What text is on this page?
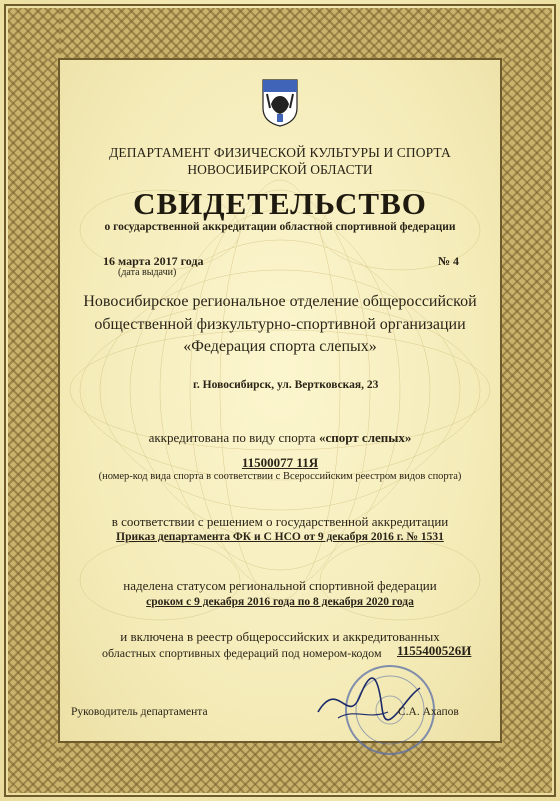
ДЕПАРТАМЕНТ ФИЗИЧЕСКОЙ КУЛЬТУРЫ И СПОРТА
НОВОСИБИРСКОЙ ОБЛАСТИ
СВИДЕТЕЛЬСТВО
о государственной аккредитации областной спортивной федерации
16 марта 2017 года
(дата выдачи)
№ 4
Новосибирское региональное отделение общероссийской
общественной физкультурно-спортивной организации
«Федерация спорта слепых»
г. Новосибирск, ул. Вертковская, 23
аккредитована по виду спорта «спорт слепых»
11500077 11Я
(номер-код вида спорта в соответствии с Всероссийским реестром видов спорта)
в соответствии с решением о государственной аккредитации
Приказ департамента ФК и С НСО от 9 декабря 2016 г. № 1531
наделена статусом региональной спортивной федерации
сроком с 9 декабря 2016 года по 8 декабря 2020 года
и включена в реестр общероссийских и аккредитованных
областных спортивных федераций под номером-кодом 1155400526И
Руководитель департамента	С.А. Ахапов
